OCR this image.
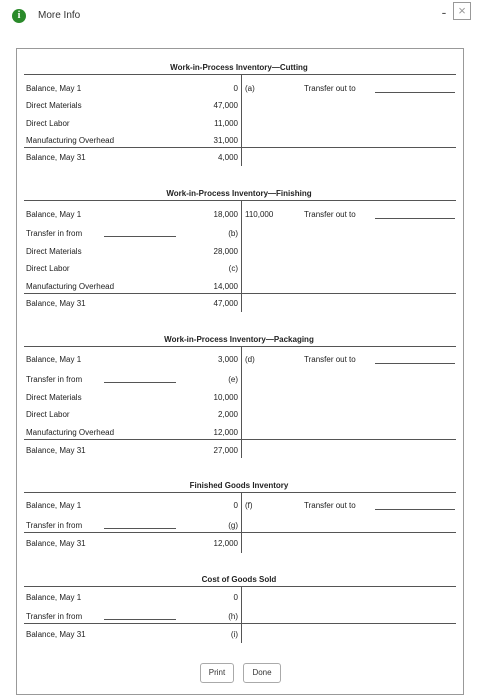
i	More Info	- ×
Work-in-Process Inventory—Cutting
Balance, May 1	0 (a)	Transfer out to
Direct Materials	47,000
Direct Labor	11,000
Manufacturing Overhead	31,000
Balance, May 31	4,000
Work-in-Process Inventory—Finishing
Balance, May 1	18,000 110,000	Transfer out to
Transfer in from	(b)
Direct Materials	28,000
Direct Labor	(c)
Manufacturing Overhead	14,000
Balance, May 31	47,000
Work-in-Process Inventory—Packaging
Balance, May 1	3,000 (d)	Transfer out to
Transfer in from	(e)
Direct Materials	10,000
Direct Labor	2,000
Manufacturing Overhead	12,000
Balance, May 31	27,000
Finished Goods Inventory
Balance, May 1	0 (f)	Transfer out to
Transfer in from	(g)
Balance, May 31	12,000
Cost of Goods Sold
Balance, May 1	0
Transfer in from	(h)
Balance, May 31	(i)
Print	Done
